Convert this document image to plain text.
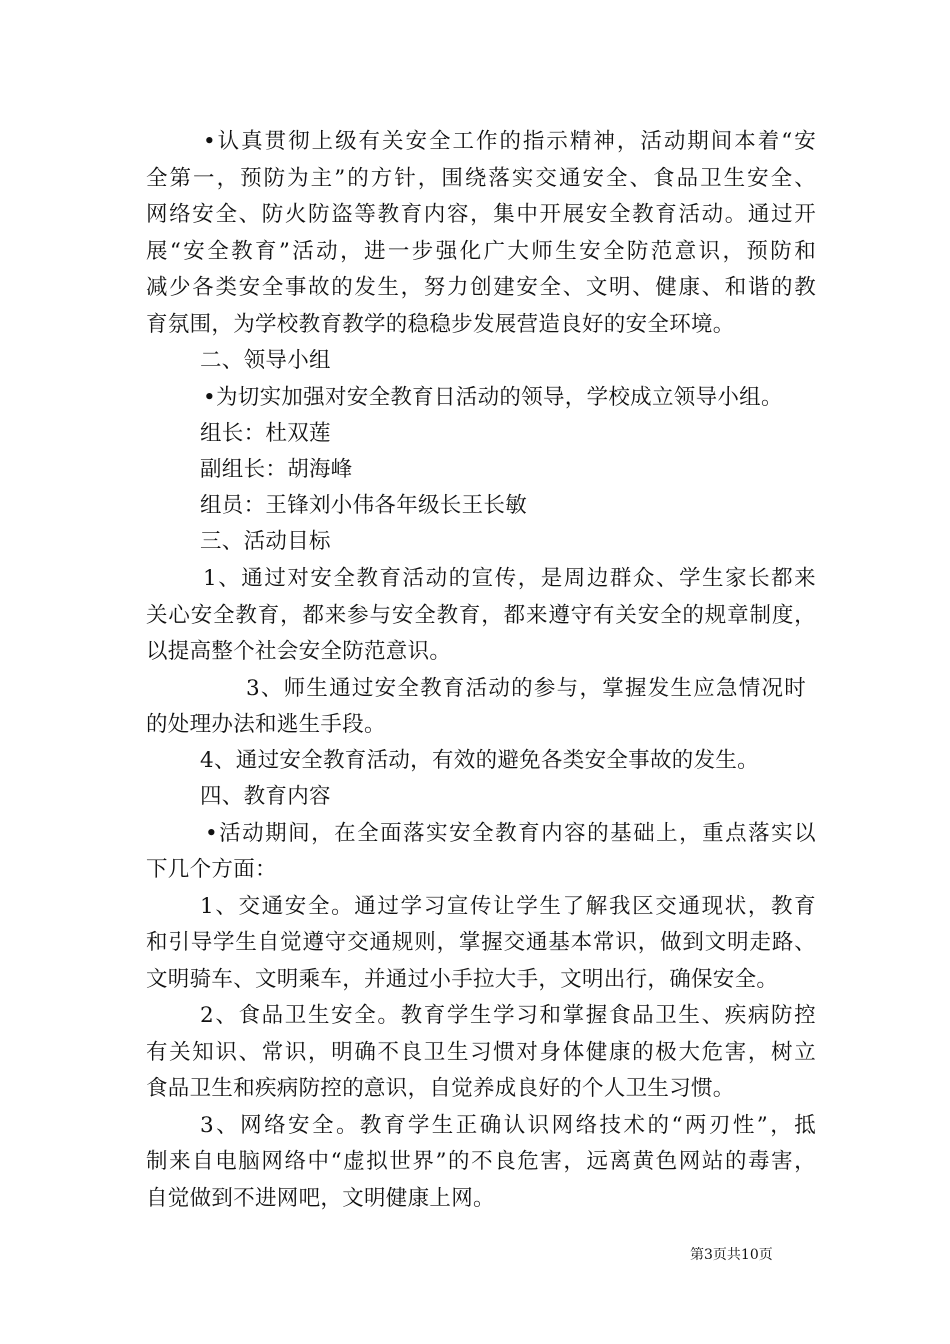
•认真贯彻上级有关安全工作的指示精神，活动期间本着“安
全第一，预防为主”的方针，围绕落实交通安全、食品卫生安全、
网络安全、防火防盗等教育内容，集中开展安全教育活动。通过开
展“安全教育”活动，进一步强化广大师生安全防范意识，预防和
减少各类安全事故的发生，努力创建安全、文明、健康、和谐的教
育氛围，为学校教育教学的稳稳步发展营造良好的安全环境。
二、领导小组
•为切实加强对安全教育日活动的领导，学校成立领导小组。
组长：杜双莲
副组长：胡海峰
组员：王锋刘小伟各年级长王长敏
三、活动目标
1、通过对安全教育活动的宣传，是周边群众、学生家长都来
关心安全教育，都来参与安全教育，都来遵守有关安全的规章制度，
以提高整个社会安全防范意识。
3、师生通过安全教育活动的参与，掌握发生应急情况时
的处理办法和逃生手段。
4、通过安全教育活动，有效的避免各类安全事故的发生。
四、教育内容
•活动期间，在全面落实安全教育内容的基础上，重点落实以
下几个方面：
1、交通安全。通过学习宣传让学生了解我区交通现状，教育
和引导学生自觉遵守交通规则，掌握交通基本常识，做到文明走路、
文明骑车、文明乘车，并通过小手拉大手，文明出行，确保安全。
2、食品卫生安全。教育学生学习和掌握食品卫生、疾病防控
有关知识、常识，明确不良卫生习惯对身体健康的极大危害，树立
食品卫生和疾病防控的意识，自觉养成良好的个人卫生习惯。
3、网络安全。教育学生正确认识网络技术的“两刃性”，抵
制来自电脑网络中“虚拟世界”的不良危害，远离黄色网站的毒害，
自觉做到不进网吧，文明健康上网。
第3页共10页
